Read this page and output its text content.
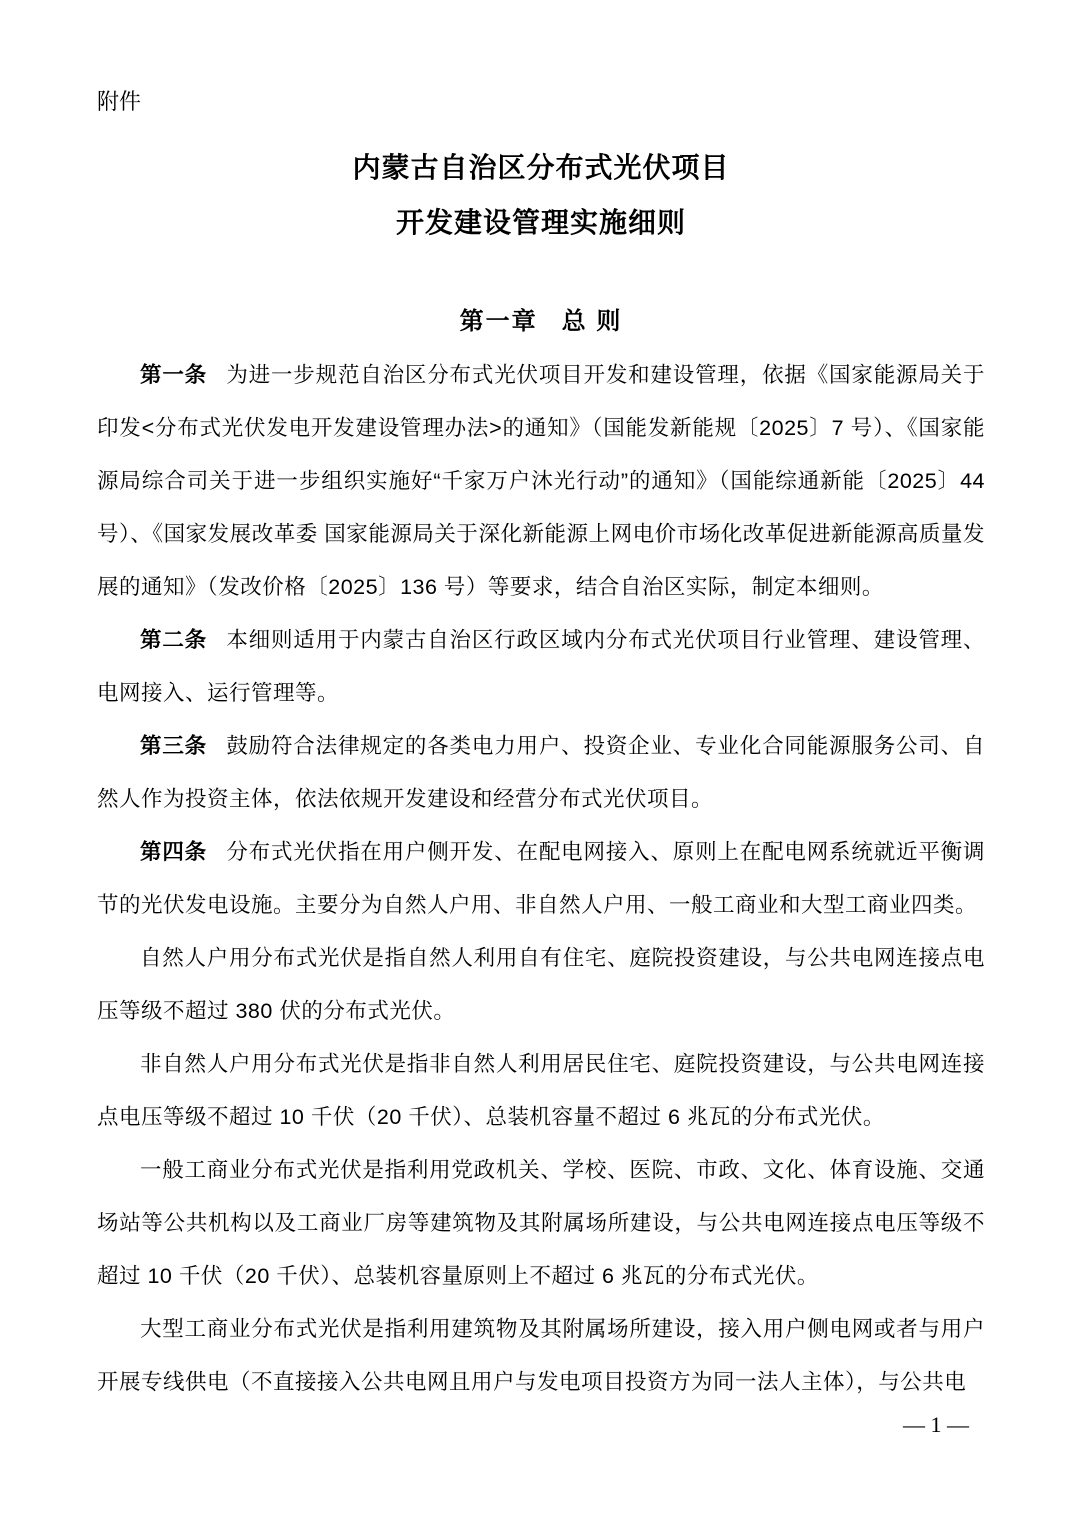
附件
内蒙古自治区分布式光伏项目
开发建设管理实施细则
第一章 总 则

第一条 为进一步规范自治区分布式光伏项目开发和建设管理，依据《国家能源局关于印发<分布式光伏发电开发建设管理办法>的通知》（国能发新能规〔2025〕7 号）、《国家能源局综合司关于进一步组织实施好“千家万户沐光行动”的通知》（国能综通新能〔2025〕44 号）、《国家发展改革委 国家能源局关于深化新能源上网电价市场化改革促进新能源高质量发展的通知》（发改价格〔2025〕136 号）等要求，结合自治区实际，制定本细则。

第二条 本细则适用于内蒙古自治区行政区域内分布式光伏项目行业管理、建设管理、电网接入、运行管理等。

第三条 鼓励符合法律规定的各类电力用户、投资企业、专业化合同能源服务公司、自然人作为投资主体，依法依规开发建设和经营分布式光伏项目。

第四条 分布式光伏指在用户侧开发、在配电网接入、原则上在配电网系统就近平衡调节的光伏发电设施。主要分为自然人户用、非自然人户用、一般工商业和大型工商业四类。

自然人户用分布式光伏是指自然人利用自有住宅、庭院投资建设，与公共电网连接点电压等级不超过 380 伏的分布式光伏。

非自然人户用分布式光伏是指非自然人利用居民住宅、庭院投资建设，与公共电网连接点电压等级不超过 10 千伏（20 千伏）、总装机容量不超过 6 兆瓦的分布式光伏。

一般工商业分布式光伏是指利用党政机关、学校、医院、市政、文化、体育设施、交通场站等公共机构以及工商业厂房等建筑物及其附属场所建设，与公共电网连接点电压等级不超过 10 千伏（20 千伏）、总装机容量原则上不超过 6 兆瓦的分布式光伏。

大型工商业分布式光伏是指利用建筑物及其附属场所建设，接入用户侧电网或者与用户开展专线供电（不直接接入公共电网且用户与发电项目投资方为同一法人主体），与公共电

— 1 —
